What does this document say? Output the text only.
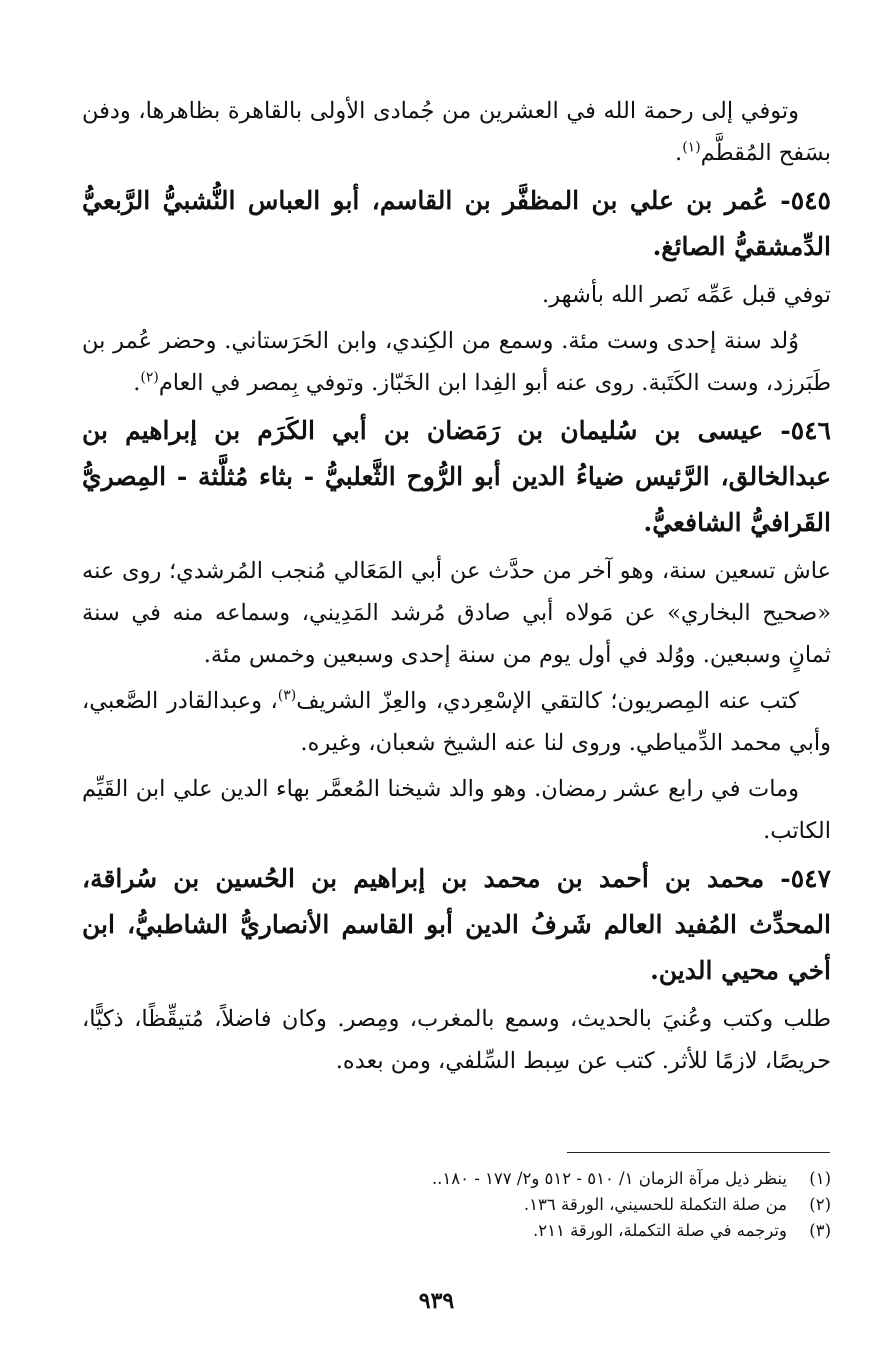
وتوفي إلى رحمة الله في العشرين من جُمادى الأولى بالقاهرة بظاهرها، ودفن بسَفح المُقطَّم$^{(١)}$.

٥٤٥- عُمر بن علي بن المظفَّر بن القاسم، أبو العباس النُّشبيُّ الرَّبعيُّ الدِّمشقيُّ الصائغ.

توفي قبل عَمِّه نَصر الله بأشهر.

وُلد سنة إحدى وست مئة. وسمع من الكِندي، وابن الحَرَستاني. وحضر عُمر بن طَبَرزد، وست الكَتَبة. روى عنه أبو الفِدا ابن الخَبّاز. وتوفي بِمصر في العام$^{(٢)}$.

٥٤٦- عيسى بن سُليمان بن رَمَضان بن أبي الكَرَم بن إبراهيم بن عبدالخالق، الرَّئيس ضياءُ الدين أبو الرُّوح الثَّعلبيُّ - بثاء مُثلَّثة - المِصريُّ القَرافيُّ الشافعيُّ.

عاش تسعين سنة، وهو آخر من حدَّث عن أبي المَعَالي مُنجب المُرشدي؛ روى عنه «صحيح البخاري» عن مَولاه أبي صادق مُرشد المَدِيني، وسماعه منه في سنة ثمانٍ وسبعين. ووُلد في أول يوم من سنة إحدى وسبعين وخمس مئة.

كتب عنه المِصريون؛ كالتقي الإسْعِردي، والعِزّ الشريف$^{(٣)}$، وعبدالقادر الصَّعبي، وأبي محمد الدِّمياطي. وروى لنا عنه الشيخ شعبان، وغيره.

ومات في رابع عشر رمضان. وهو والد شيخنا المُعمَّر بهاء الدين علي ابن القَيِّم الكاتب.

٥٤٧- محمد بن أحمد بن محمد بن إبراهيم بن الحُسين بن سُراقة، المحدِّث المُفيد العالم شَرفُ الدين أبو القاسم الأنصاريُّ الشاطبيُّ، ابن أخي محيي الدين.

طلب وكتب وعُنيَ بالحديث، وسمع بالمغرب، ومِصر. وكان فاضلاً، مُتيقِّظًا، ذكيًّا، حريصًا، لازمًا للأثر. كتب عن سِبط السِّلفي، ومن بعده.

(١)
ينظر ذيل مرآة الزمان ١/ ٥١٠ - ٥١٢ و٢/ ١٧٧ - ١٨٠..
(٢)
من صلة التكملة للحسيني، الورقة ١٣٦.
(٣)
وترجمه في صلة التكملة، الورقة ٢١١.
٩٣٩
